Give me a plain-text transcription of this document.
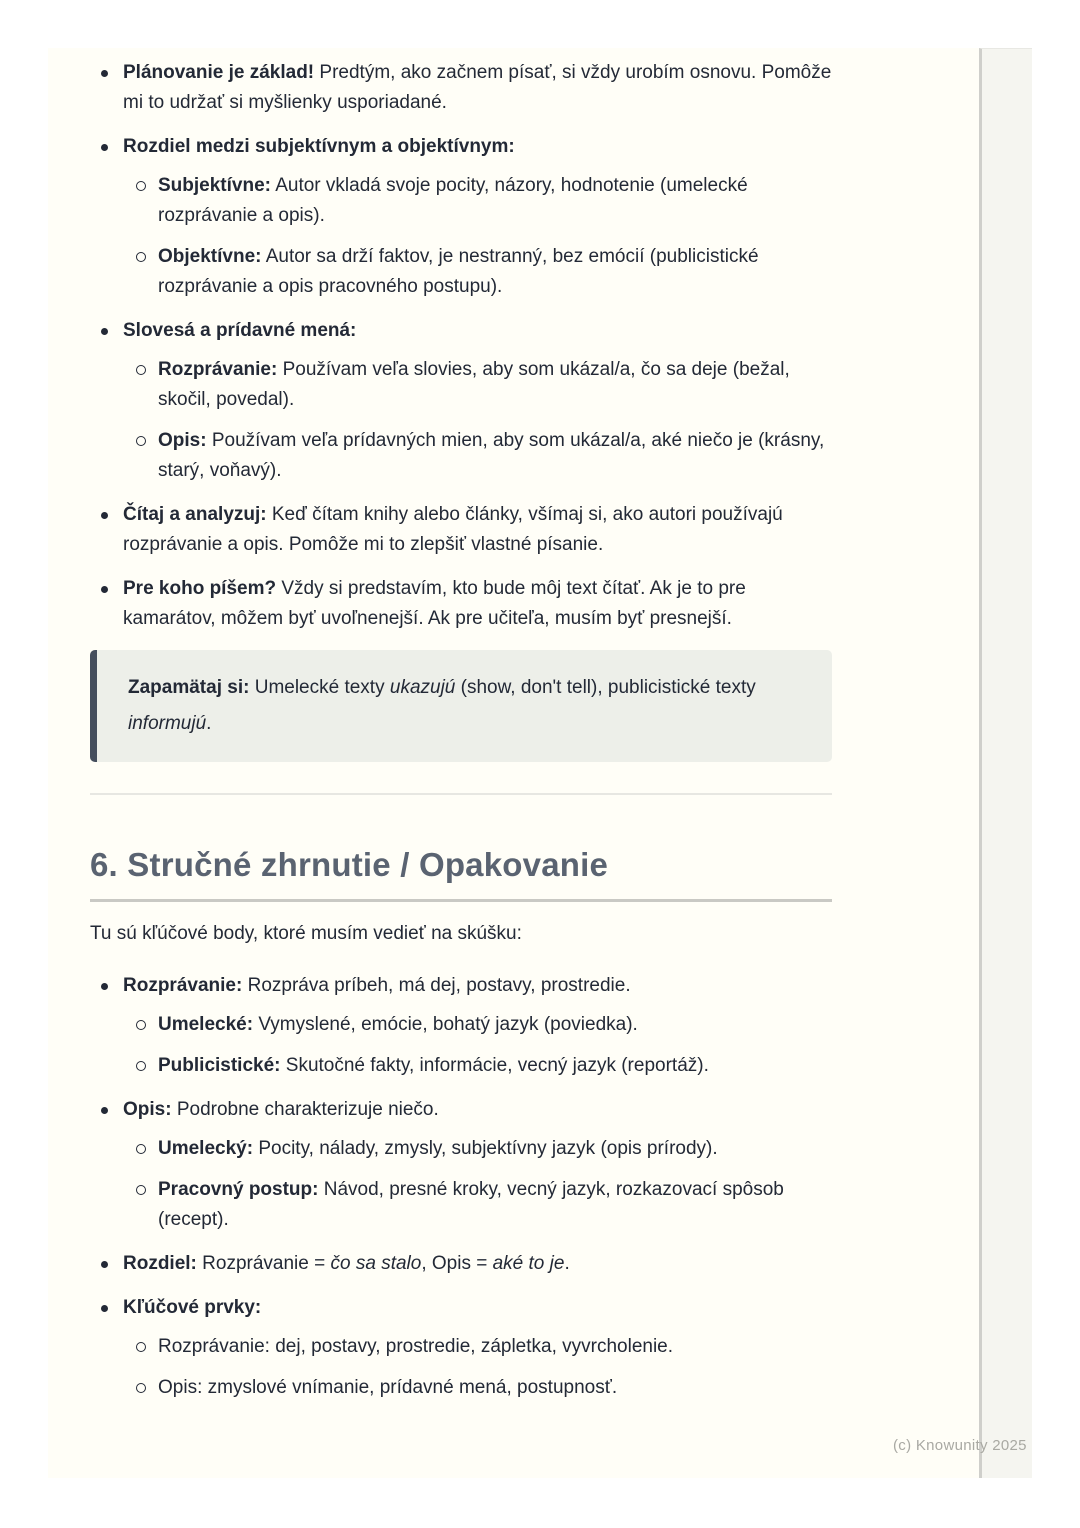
Plánovanie je základ! Predtým, ako začnem písať, si vždy urobím osnovu. Pomôže mi to udržať si myšlienky usporiadané.

Rozdiel medzi subjektívnym a objektívnym:

Subjektívne: Autor vkladá svoje pocity, názory, hodnotenie (umelecké rozprávanie a opis).

Objektívne: Autor sa drží faktov, je nestranný, bez emócií (publicistické rozprávanie a opis pracovného postupu).

Slovesá a prídavné mená:

Rozprávanie: Používam veľa slovies, aby som ukázal/a, čo sa deje (bežal, skočil, povedal).

Opis: Používam veľa prídavných mien, aby som ukázal/a, aké niečo je (krásny, starý, voňavý).

Čítaj a analyzuj: Keď čítam knihy alebo články, všímaj si, ako autori používajú rozprávanie a opis. Pomôže mi to zlepšiť vlastné písanie.

Pre koho píšem? Vždy si predstavím, kto bude môj text čítať. Ak je to pre kamarátov, môžem byť uvoľnenejší. Ak pre učiteľa, musím byť presnejší.

Zapamätaj si: Umelecké texty ukazujú (show, don't tell), publicistické texty informujú.

6. Stručné zhrnutie / Opakovanie

Tu sú kľúčové body, ktoré musím vedieť na skúšku:

Rozprávanie: Rozpráva príbeh, má dej, postavy, prostredie.

Umelecké: Vymyslené, emócie, bohatý jazyk (poviedka).

Publicistické: Skutočné fakty, informácie, vecný jazyk (reportáž).

Opis: Podrobne charakterizuje niečo.

Umelecký: Pocity, nálady, zmysly, subjektívny jazyk (opis prírody).

Pracovný postup: Návod, presné kroky, vecný jazyk, rozkazovací spôsob (recept).

Rozdiel: Rozprávanie = čo sa stalo, Opis = aké to je.

Kľúčové prvky:

Rozprávanie: dej, postavy, prostredie, zápletka, vyvrcholenie.

Opis: zmyslové vnímanie, prídavné mená, postupnosť.

(c) Knowunity 2025
